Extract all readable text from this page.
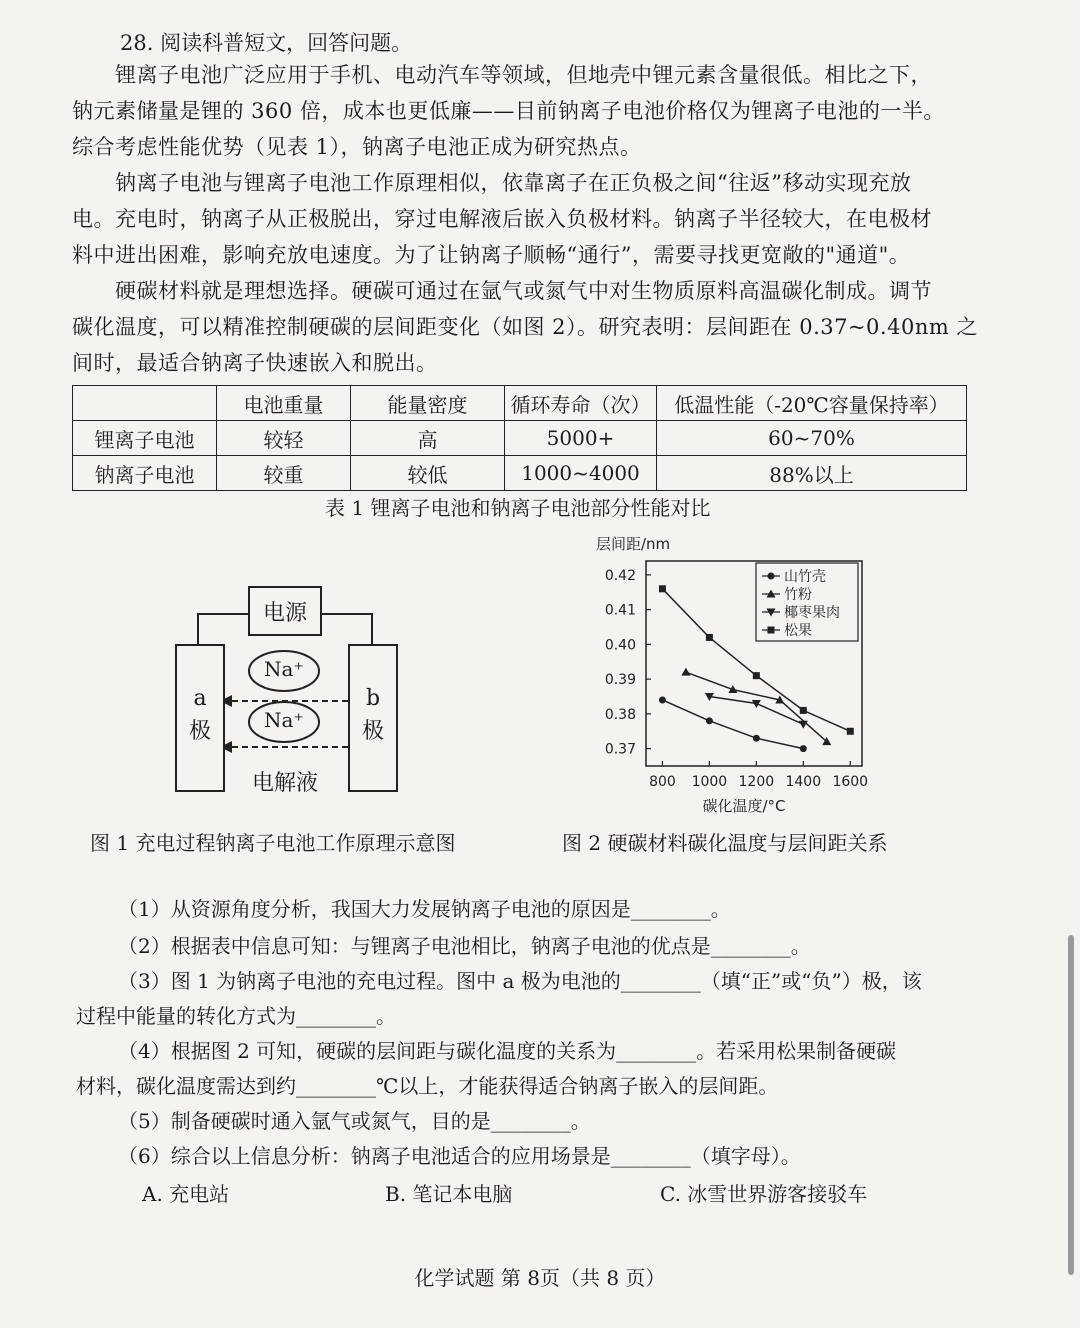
28. 阅读科普短文，回答问题。
锂离子电池广泛应用于手机、电动汽车等领域，但地壳中锂元素含量很低。相比之下，
钠元素储量是锂的 360 倍，成本也更低廉——目前钠离子电池价格仅为锂离子电池的一半。
综合考虑性能优势（见表 1），钠离子电池正成为研究热点。
钠离子电池与锂离子电池工作原理相似，依靠离子在正负极之间“往返”移动实现充放
电。充电时，钠离子从正极脱出，穿过电解液后嵌入负极材料。钠离子半径较大，在电极材
料中进出困难，影响充放电速度。为了让钠离子顺畅“通行”，需要寻找更宽敞的"通道"。
硬碳材料就是理想选择。硬碳可通过在氩气或氮气中对生物质原料高温碳化制成。调节
碳化温度，可以精准控制硬碳的层间距变化（如图 2）。研究表明：层间距在 0.37~0.40nm 之
间时，最适合钠离子快速嵌入和脱出。
	电池重量	能量密度	循环寿命（次）	低温性能（-20℃容量保持率）
锂离子电池	较轻	高	5000+	60~70%
钠离子电池	较重	较低	1000~4000	88%以上
表 1 锂离子电池和钠离子电池部分性能对比
电源
a
极
b
极
Na⁺
Na⁺
电解液
图 1 充电过程钠离子电池工作原理示意图
层间距/nm
碳化温度/°C
0.37
0.38
0.39
0.40
0.41
0.42
800 1000 1200 1400 1600
山竹壳
竹粉
椰枣果肉
松果
图 2 硬碳材料碳化温度与层间距关系
（1）从资源角度分析，我国大力发展钠离子电池的原因是________。
（2）根据表中信息可知：与锂离子电池相比，钠离子电池的优点是________。
（3）图 1 为钠离子电池的充电过程。图中 a 极为电池的________（填“正”或“负”）极，该
过程中能量的转化方式为________。
（4）根据图 2 可知，硬碳的层间距与碳化温度的关系为________。若采用松果制备硬碳
材料，碳化温度需达到约________℃以上，才能获得适合钠离子嵌入的层间距。
（5）制备硬碳时通入氩气或氮气，目的是________。
（6）综合以上信息分析：钠离子电池适合的应用场景是________（填字母）。
A. 充电站	B. 笔记本电脑	C. 冰雪世界游客接驳车
化学试题 第 8页（共 8 页）
